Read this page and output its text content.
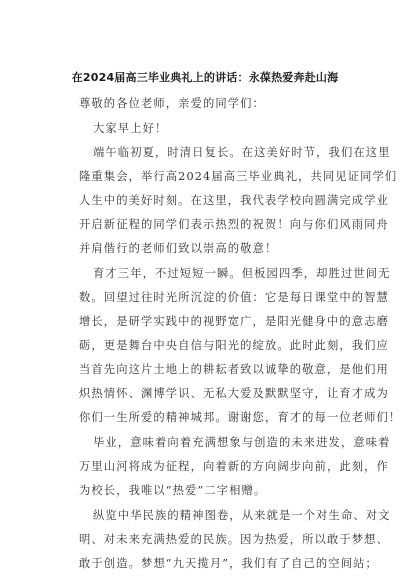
在2024届高三毕业典礼上的讲话：永葆热爱奔赴山海
尊敬的各位老师，亲爱的同学们：
大家早上好！
端午临初夏，时清日复长。在这美好时节，我们在这里
隆重集会，举行高2024届高三毕业典礼，共同见证同学们
人生中的美好时刻。在这里，我代表学校向圆满完成学业
开启新征程的同学们表示热烈的祝贺！向与你们风雨同舟
并肩偕行的老师们致以崇高的敬意！
育才三年，不过短短一瞬。但板园四季，却胜过世间无
数。回望过往时光所沉淀的价值：它是每日课堂中的智慧
增长，是研学实践中的视野宽广，是阳光健身中的意志磨
砺，更是舞台中央自信与阳光的绽放。此时此刻，我们应
当首先向这片土地上的耕耘者致以诚挚的敬意，是他们用
炽热情怀、渊博学识、无私大爱及默默坚守，让育才成为
你们一生所爱的精神城邦。谢谢您，育才的每一位老师们！
毕业，意味着向着充满想象与创造的未来进发，意味着
万里山河将成为征程，向着新的方向阔步向前，此刻，作
为校长，我唯以“热爱”二字相赠。
纵览中华民族的精神图卷，从来就是一个对生命、对文
明、对未来充满热爱的民族。因为热爱，所以敢于梦想、
敢于创造。梦想“九天揽月”，我们有了自己的空间站；
